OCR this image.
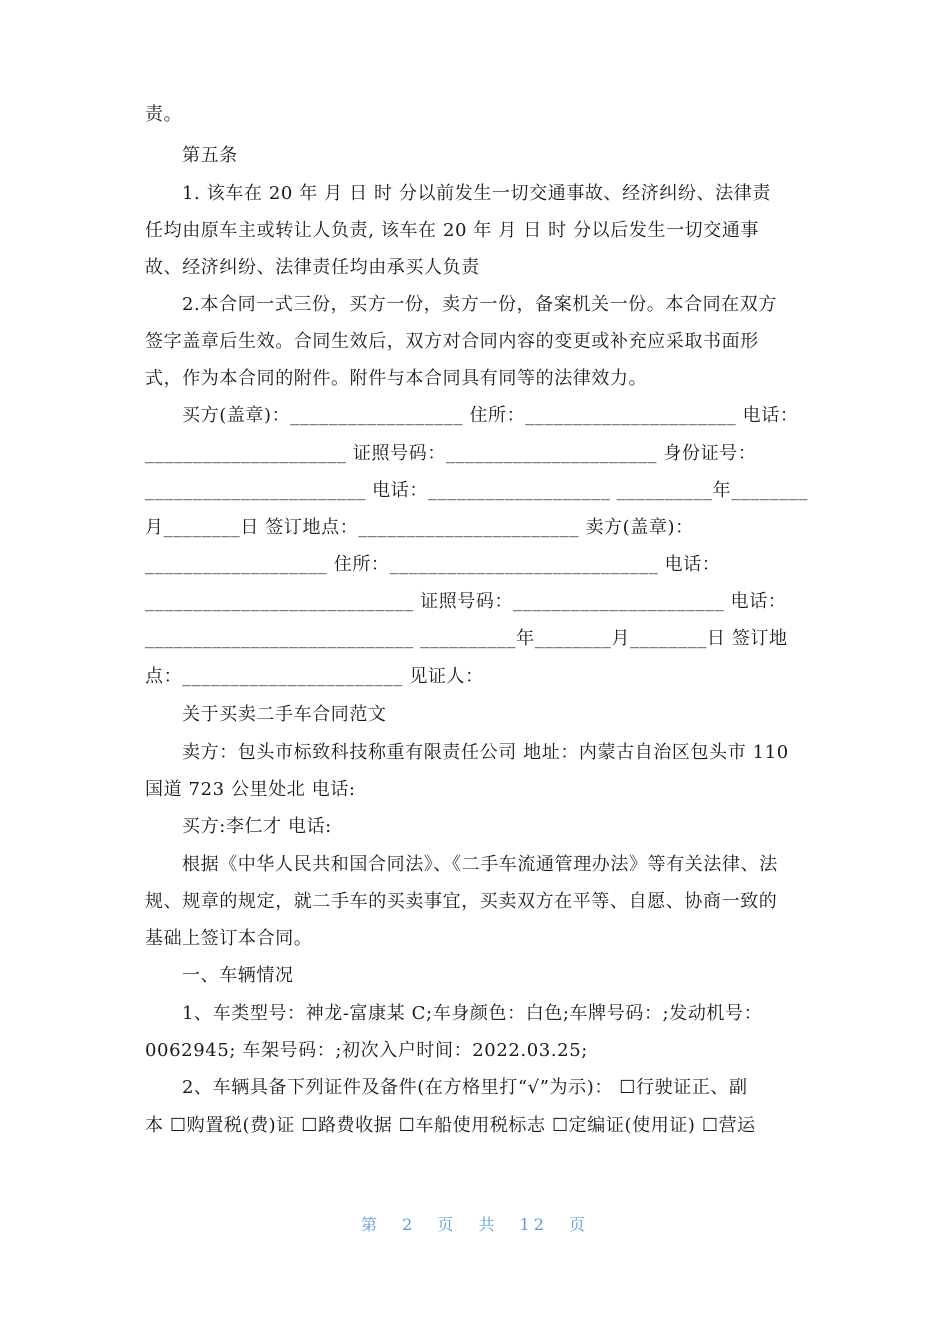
责。
第五条
1. 该车在 20 年 月 日 时 分以前发生一切交通事故、经济纠纷、法律责
任均由原车主或转让人负责, 该车在 20 年 月 日 时 分以后发生一切交通事
故、经济纠纷、法律责任均由承买人负责
2.本合同一式三份，买方一份，卖方一份，备案机关一份。本合同在双方
签字盖章后生效。合同生效后，双方对合同内容的变更或补充应采取书面形
式，作为本合同的附件。附件与本合同具有同等的法律效力。
买方(盖章)：__________________ 住所：______________________ 电话：
_____________________ 证照号码：______________________ 身份证号：
_______________________ 电话：___________________ __________年________
月________日 签订地点：_______________________ 卖方(盖章)：
___________________ 住所：____________________________ 电话：
____________________________ 证照号码：______________________ 电话：
____________________________ __________年________月________日 签订地
点：_______________________ 见证人：
关于买卖二手车合同范文
卖方：包头市标致科技称重有限责任公司 地址：内蒙古自治区包头市 110
国道 723 公里处北 电话:
买方:李仁才 电话:
根据《中华人民共和国合同法》、《二手车流通管理办法》等有关法律、法
规、规章的规定，就二手车的买卖事宜，买卖双方在平等、自愿、协商一致的
基础上签订本合同。
一、车辆情况
1、车类型号：神龙-富康某 C;车身颜色：白色;车牌号码：;发动机号：
0062945; 车架号码：;初次入户时间：2022.03.25;
2、车辆具备下列证件及备件(在方格里打“√”为示)： ☐行驶证正、副
本 ☐购置税(费)证 ☐路费收据 ☐车船使用税标志 ☐定编证(使用证) ☐营运
第 2 页 共 12 页
